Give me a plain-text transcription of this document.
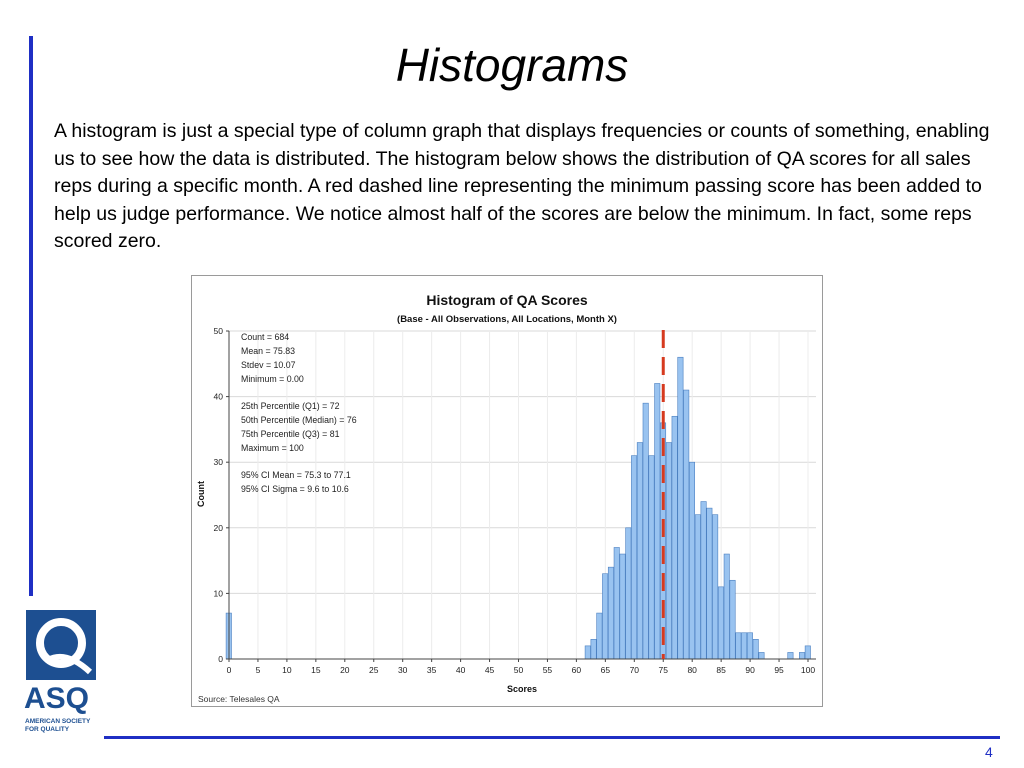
Histograms
A histogram is just a special type of column graph that displays frequencies or counts of something, enabling us to see how the data is distributed. The histogram below shows the distribution of QA scores for all sales reps during a specific month. A red dashed line representing the minimum passing score has been added to help us judge performance. We notice almost half of the scores are below the minimum. In fact, some reps scored zero.
Histogram of QA Scores
(Base - All Observations, All Locations, Month X)
Count
Scores
Source: Telesales QA
0
10
20
30
40
50
0	5	10 15 20 25 30 35 40 45 50 55 60 65 70 75 80 85 90 95 100
Count = 684
Mean = 75.83
Stdev = 10.07
Minimum = 0.00
25th Percentile (Q1) = 72
50th Percentile (Median) = 76
75th Percentile (Q3) = 81
Maximum = 100
95% CI Mean = 75.3 to 77.1
95% CI Sigma = 9.6 to 10.6
ASQ
AMERICAN SOCIETY
FOR QUALITY
4
